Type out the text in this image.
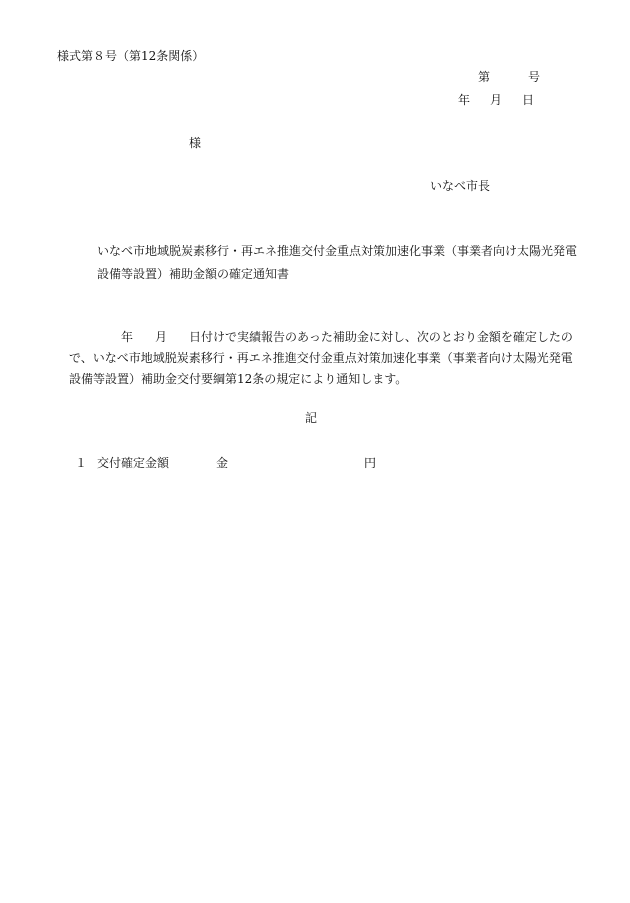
様式第８号（第12条関係）
第	号
年 月 日
様
いなべ市長
いなべ市地域脱炭素移行・再エネ推進交付金重点対策加速化事業（事業者向け太陽光発電設備等設置）補助金額の確定通知書
年 月 日付けで実績報告のあった補助金に対し、次のとおり金額を確定したので、いなべ市地域脱炭素移行・再エネ推進交付金重点対策加速化事業（事業者向け太陽光発電設備等設置）補助金交付要綱第12条の規定により通知します。
記
１ 交付確定金額	金	円
